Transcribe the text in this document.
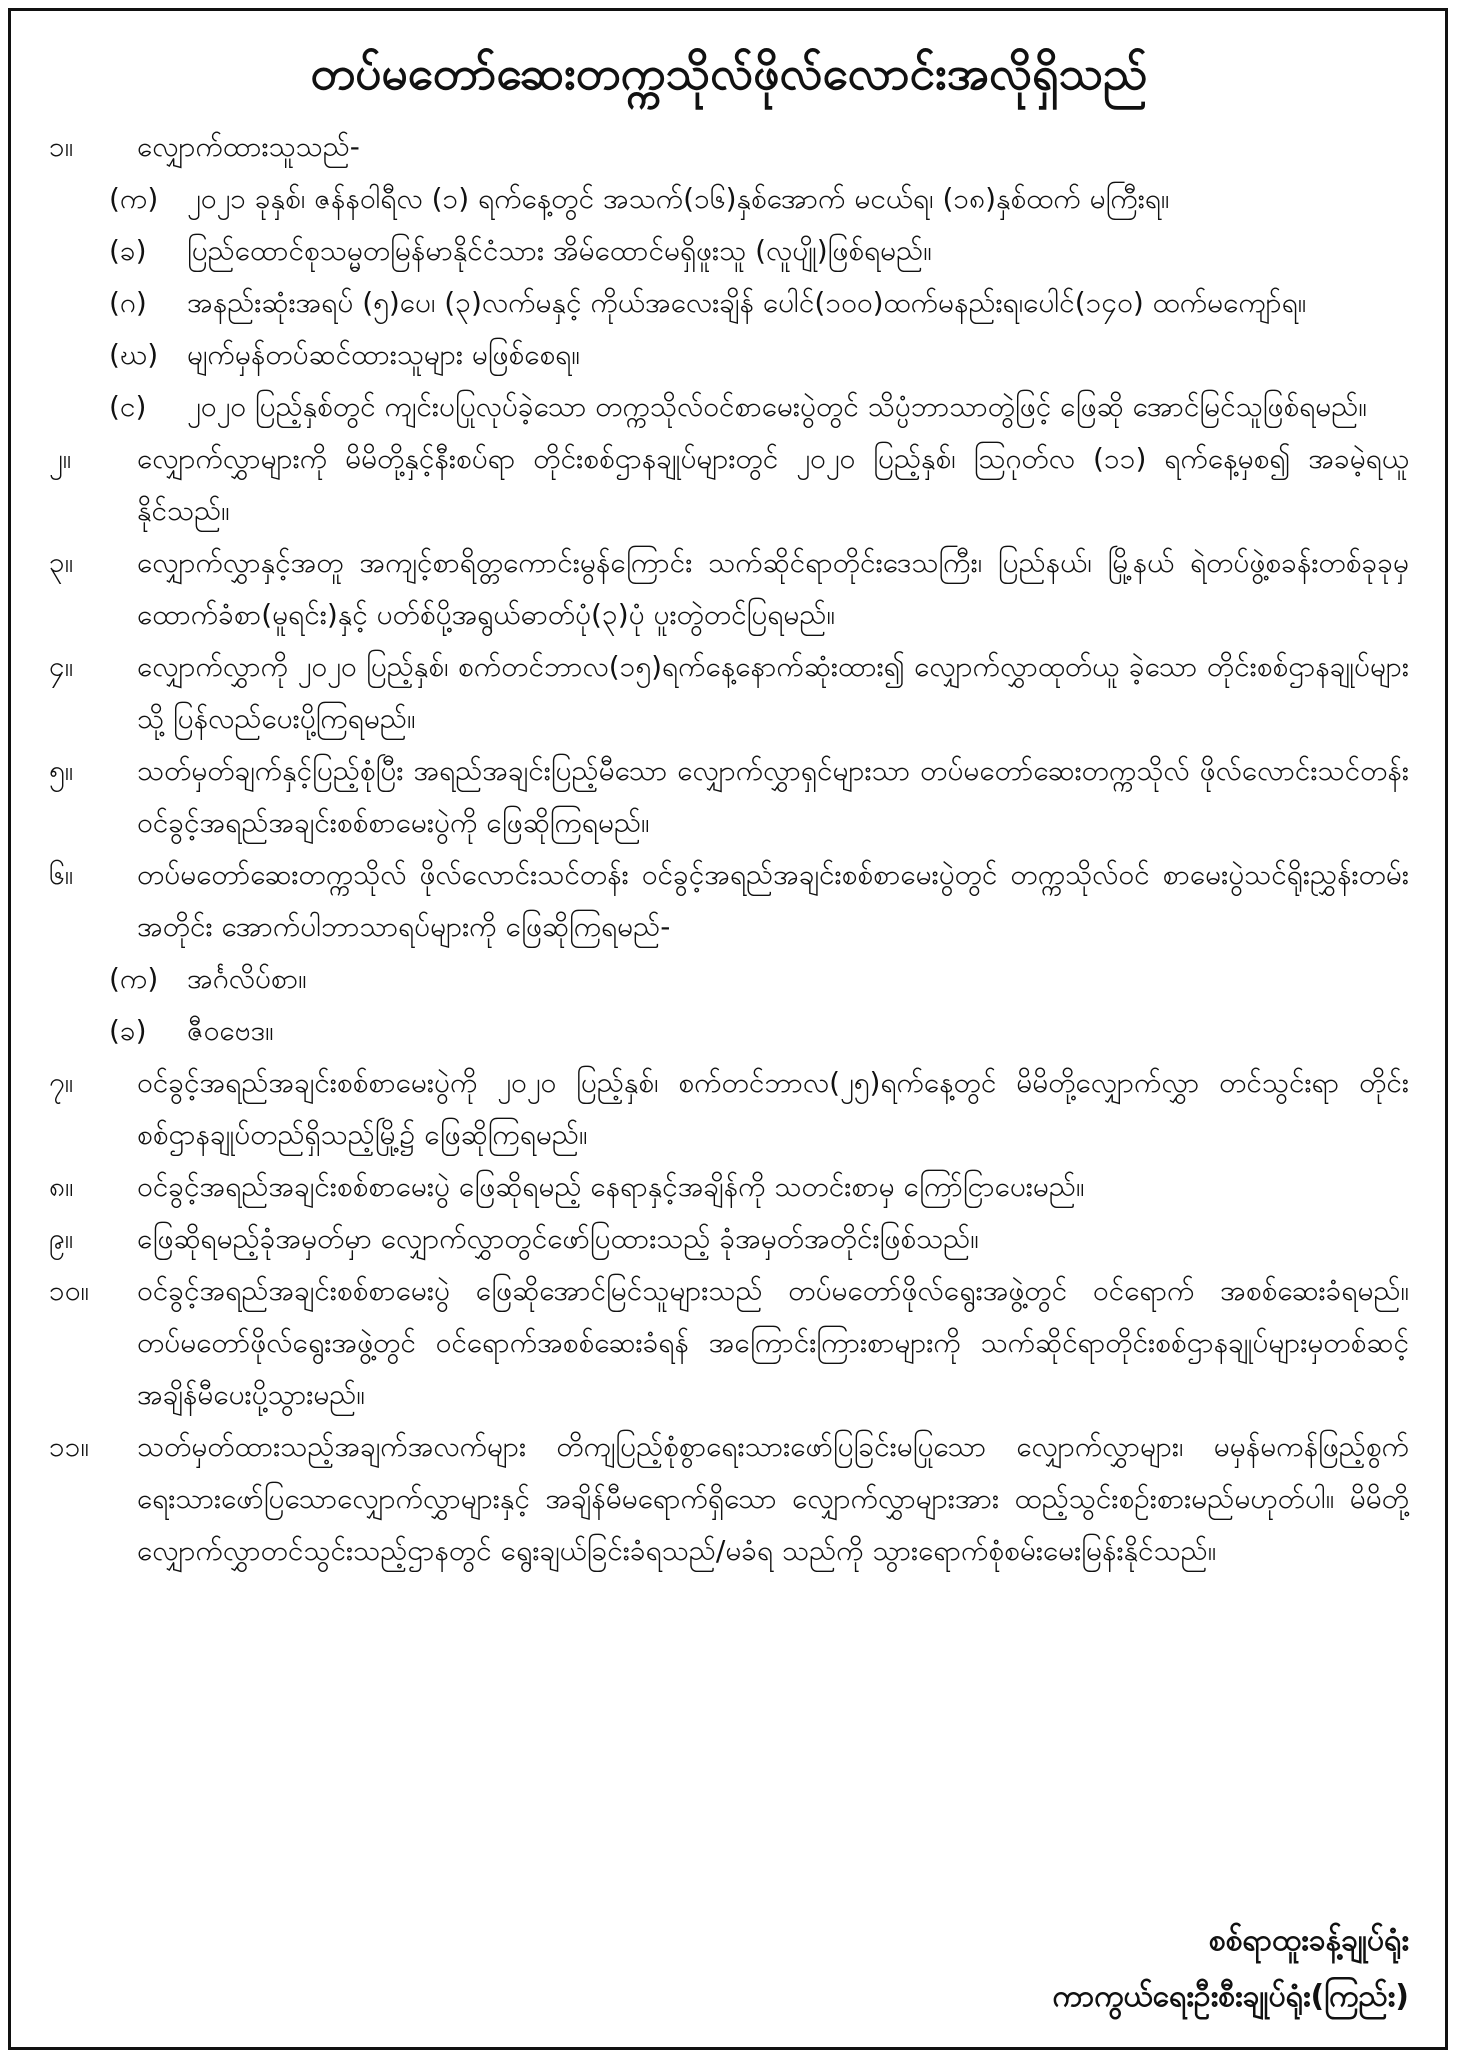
တပ်မတော်ဆေးတက္ကသိုလ်ဖိုလ်လောင်းအလိုရှိသည်
၁။	လျှောက်ထားသူသည်-
(က)	၂၀၂၁ ခုနှစ်၊ ဇန်နဝါရီလ (၁) ရက်နေ့တွင် အသက်(၁၆)နှစ်အောက် မငယ်ရ၊ (၁၈)နှစ်ထက် မကြီးရ။
(ခ)	ပြည်ထောင်စုသမ္မတမြန်မာနိုင်ငံသား အိမ်ထောင်မရှိဖူးသူ (လူပျို)ဖြစ်ရမည်။
(ဂ)	အနည်းဆုံးအရပ် (၅)ပေ၊ (၃)လက်မနှင့် ကိုယ်အလေးချိန် ပေါင်(၁၀၀)ထက်မနည်းရ၊ပေါင်(၁၄၀) ထက်မကျော်ရ။
(ဃ)	မျက်မှန်တပ်ဆင်ထားသူများ မဖြစ်စေရ။
(င)	၂၀၂၀ ပြည့်နှစ်တွင် ကျင်းပပြုလုပ်ခဲ့သော တက္ကသိုလ်ဝင်စာမေးပွဲတွင် သိပ္ပံဘာသာတွဲဖြင့် ဖြေဆို အောင်မြင်သူဖြစ်ရမည်။
၂။	လျှောက်လွှာများကို မိမိတို့နှင့်နီးစပ်ရာ တိုင်းစစ်ဌာနချုပ်များတွင် ၂၀၂၀ ပြည့်နှစ်၊ ဩဂုတ်လ (၁၁) ရက်နေ့မှစ၍ အခမဲ့ရယူနိုင်သည်။
၃။	လျှောက်လွှာနှင့်အတူ အကျင့်စာရိတ္တကောင်းမွန်ကြောင်း သက်ဆိုင်ရာတိုင်းဒေသကြီး၊ ပြည်နယ်၊ မြို့နယ် ရဲတပ်ဖွဲ့စခန်းတစ်ခုခုမှ ထောက်ခံစာ(မူရင်း)နှင့် ပတ်စ်ပို့အရွယ်ဓာတ်ပုံ(၃)ပုံ ပူးတွဲတင်ပြရမည်။
၄။	လျှောက်လွှာကို ၂၀၂၀ ပြည့်နှစ်၊ စက်တင်ဘာလ(၁၅)ရက်နေ့နောက်ဆုံးထား၍ လျှောက်လွှာထုတ်ယူ ခဲ့သော တိုင်းစစ်ဌာနချုပ်များသို့ ပြန်လည်ပေးပို့ကြရမည်။
၅။	သတ်မှတ်ချက်နှင့်ပြည့်စုံပြီး အရည်အချင်းပြည့်မီသော လျှောက်လွှာရှင်များသာ တပ်မတော်ဆေးတက္ကသိုလ် ဖိုလ်လောင်းသင်တန်း ဝင်ခွင့်အရည်အချင်းစစ်စာမေးပွဲကို ဖြေဆိုကြရမည်။
၆။	တပ်မတော်ဆေးတက္ကသိုလ် ဖိုလ်လောင်းသင်တန်း ဝင်ခွင့်အရည်အချင်းစစ်စာမေးပွဲတွင် တက္ကသိုလ်ဝင် စာမေးပွဲသင်ရိုးညွှန်းတမ်းအတိုင်း အောက်ပါဘာသာရပ်များကို ဖြေဆိုကြရမည်-
(က)	အင်္ဂလိပ်စာ။
(ခ)	ဇီဝဗေဒ။
၇။	ဝင်ခွင့်အရည်အချင်းစစ်စာမေးပွဲကို ၂၀၂၀ ပြည့်နှစ်၊ စက်တင်ဘာလ(၂၅)ရက်နေ့တွင် မိမိတို့လျှောက်လွှာ တင်သွင်းရာ တိုင်းစစ်ဌာနချုပ်တည်ရှိသည့်မြို့၌ ဖြေဆိုကြရမည်။
၈။	ဝင်ခွင့်အရည်အချင်းစစ်စာမေးပွဲ ဖြေဆိုရမည့် နေရာနှင့်အချိန်ကို သတင်းစာမှ ကြော်ငြာပေးမည်။
၉။	ဖြေဆိုရမည့်ခုံအမှတ်မှာ လျှောက်လွှာတွင်ဖော်ပြထားသည့် ခုံအမှတ်အတိုင်းဖြစ်သည်။
၁၀။	ဝင်ခွင့်အရည်အချင်းစစ်စာမေးပွဲ ဖြေဆိုအောင်မြင်သူများသည် တပ်မတော်ဖိုလ်ရွေးအဖွဲ့တွင် ဝင်ရောက် အစစ်ဆေးခံရမည်။ တပ်မတော်ဖိုလ်ရွေးအဖွဲ့တွင် ဝင်ရောက်အစစ်ဆေးခံရန် အကြောင်းကြားစာများကို သက်ဆိုင်ရာတိုင်းစစ်ဌာနချုပ်များမှတစ်ဆင့် အချိန်မီပေးပို့သွားမည်။
၁၁။	သတ်မှတ်ထားသည့်အချက်အလက်များ တိကျပြည့်စုံစွာရေးသားဖော်ပြခြင်းမပြုသော လျှောက်လွှာများ၊ မမှန်မကန်ဖြည့်စွက်ရေးသားဖော်ပြသောလျှောက်လွှာများနှင့် အချိန်မီမရောက်ရှိသော လျှောက်လွှာများအား ထည့်သွင်းစဉ်းစားမည်မဟုတ်ပါ။ မိမိတို့ လျှောက်လွှာတင်သွင်းသည့်ဌာနတွင် ရွေးချယ်ခြင်းခံရသည်/မခံရ သည်ကို သွားရောက်စုံစမ်းမေးမြန်းနိုင်သည်။
စစ်ရာထူးခန့်ချုပ်ရုံး
ကာကွယ်ရေးဦးစီးချုပ်ရုံး(ကြည်း)
